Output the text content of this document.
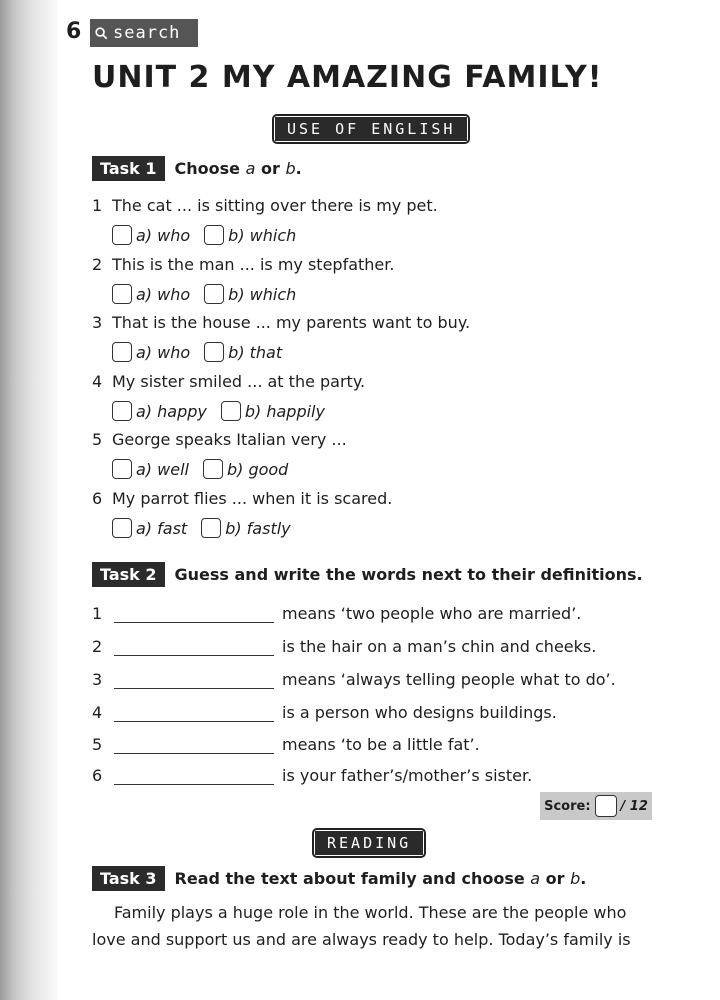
6 search
UNIT 2 MY AMAZING FAMILY!
USE OF ENGLISH
Task 1	Choose a or b.
1 The cat ... is sitting over there is my pet.
a) who b) which
2 This is the man ... is my stepfather.
a) who b) which
3 That is the house ... my parents want to buy.
a) who b) that
4 My sister smiled ... at the party.
a) happy b) happily
5 George speaks Italian very ...
a) well b) good
6 My parrot flies ... when it is scared.
a) fast b) fastly
Task 2	Guess and write the words next to their definitions.
1	means ‘two people who are married’.
2	is the hair on a man’s chin and cheeks.
3	means ‘always telling people what to do’.
4	is a person who designs buildings.
5	means ‘to be a little fat’.
6	is your father’s/mother’s sister.
Score: / 12
READING
Task 3	Read the text about family and choose a or b.

Family plays a huge role in the world. These are the people who

love and support us and are always ready to help. Today’s family is
